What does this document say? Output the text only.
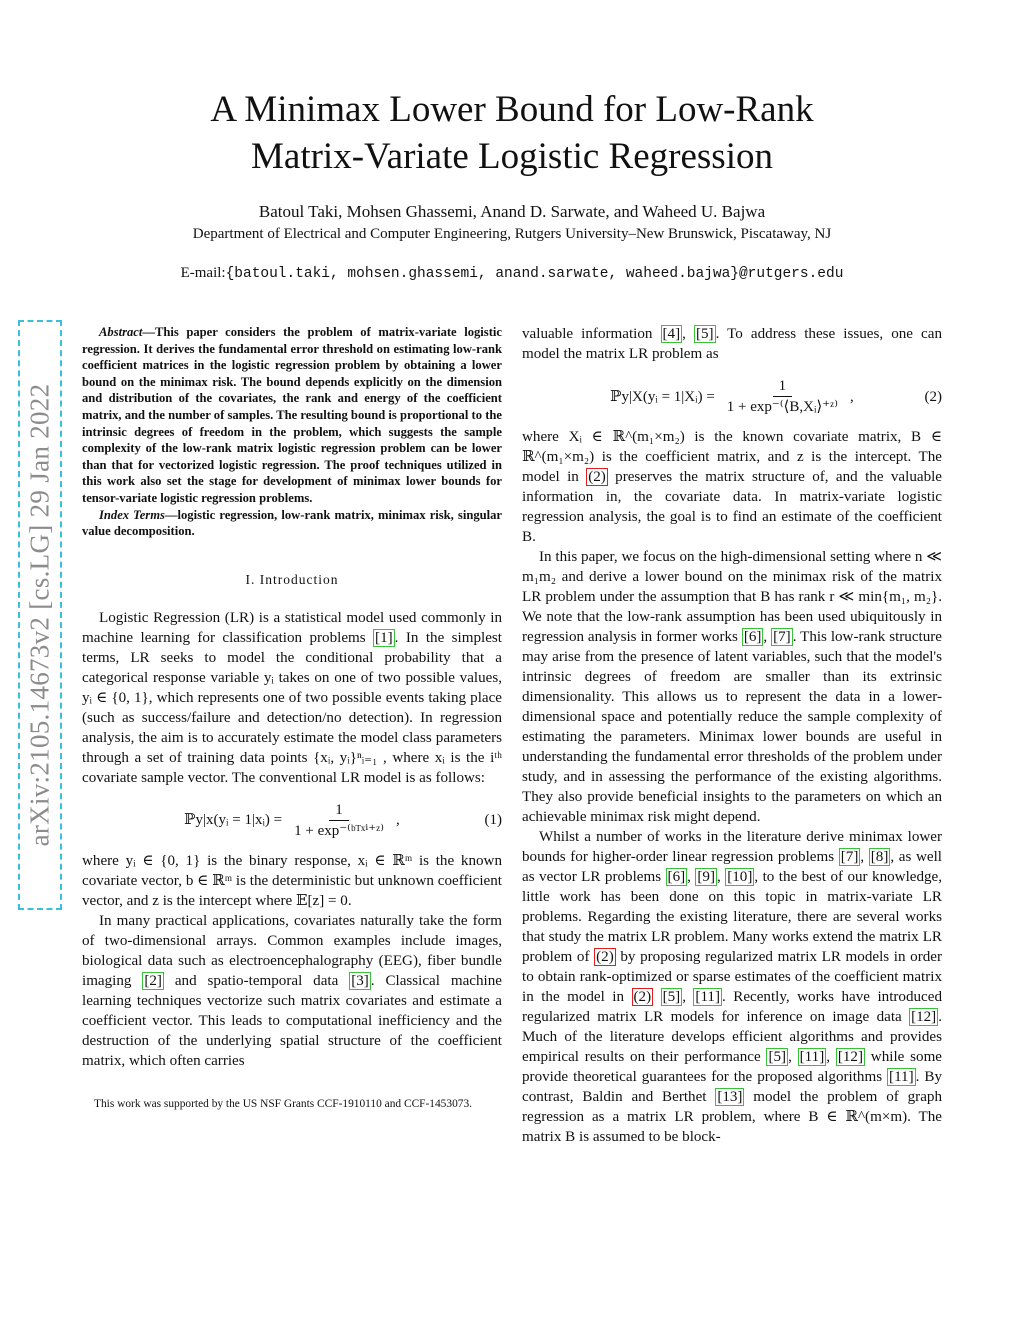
A Minimax Lower Bound for Low-Rank
Matrix-Variate Logistic Regression
Batoul Taki, Mohsen Ghassemi, Anand D. Sarwate, and Waheed U. Bajwa
Department of Electrical and Computer Engineering, Rutgers University–New Brunswick, Piscataway, NJ
E-mail:{batoul.taki, mohsen.ghassemi, anand.sarwate, waheed.bajwa}@rutgers.edu
arXiv:2105.14673v2 [cs.LG] 29 Jan 2022

Abstract—This paper considers the problem of matrix-variate logistic regression. It derives the fundamental error threshold on estimating low-rank coefficient matrices in the logistic regression problem by obtaining a lower bound on the minimax risk. The bound depends explicitly on the dimension and distribution of the covariates, the rank and energy of the coefficient matrix, and the number of samples. The resulting bound is proportional to the intrinsic degrees of freedom in the problem, which suggests the sample complexity of the low-rank matrix logistic regression problem can be lower than that for vectorized logistic regression. The proof techniques utilized in this work also set the stage for development of minimax lower bounds for tensor-variate logistic regression problems.

Index Terms—logistic regression, low-rank matrix, minimax risk, singular value decomposition.

I. Introduction

Logistic Regression (LR) is a statistical model used commonly in machine learning for classification problems [1] . In the simplest terms, LR seeks to model the conditional probability that a categorical response variable yᵢ takes on one of two possible values, yᵢ ∈ {0, 1}, which represents one of two possible events taking place (such as success/failure and detection/no detection). In regression analysis, the aim is to accurately estimate the model class parameters through a set of training data points {xᵢ, yᵢ}ⁿᵢ₌₁ , where xᵢ is the iᵗʰ covariate sample vector. The conventional LR model is as follows:

ℙy|x(yᵢ = 1|xᵢ) = $\frac{1}{\text{1 + exp⁻⁽ᵇᵀˣⁱ⁺ᶻ⁾}}$ ,	(1)

where yᵢ ∈ {0, 1} is the binary response, xᵢ ∈ ℝᵐ is the known covariate vector, b ∈ ℝᵐ is the deterministic but unknown coefficient vector, and z is the intercept where 𝔼[z] = 0.

In many practical applications, covariates naturally take the form of two-dimensional arrays. Common examples include images, biological data such as electroencephalography (EEG), fiber bundle imaging [2] and spatio-temporal data [3] . Classical machine learning techniques vectorize such matrix covariates and estimate a coefficient vector. This leads to computational inefficiency and the destruction of the underlying spatial structure of the coefficient matrix, which often carries

This work was supported by the US NSF Grants CCF-1910110 and CCF-1453073.

valuable information [4] , [5] . To address these issues, one can model the matrix LR problem as

ℙy|X(yᵢ = 1|Xᵢ) = $\frac{1}{\text{1 + exp⁻⁽⟨B,Xᵢ⟩⁺ᶻ⁾}}$ ,	(2)

where Xᵢ ∈ ℝ^(m₁×m₂) is the known covariate matrix, B ∈ ℝ^(m₁×m₂) is the coefficient matrix, and z is the intercept. The model in (2) preserves the matrix structure of, and the valuable information in, the covariate data. In matrix-variate logistic regression analysis, the goal is to find an estimate of the coefficient B.

In this paper, we focus on the high-dimensional setting where n ≪ m₁m₂ and derive a lower bound on the minimax risk of the matrix LR problem under the assumption that B has rank r ≪ min{m₁, m₂}. We note that the low-rank assumption has been used ubiquitously in regression analysis in former works [6] , [7] . This low-rank structure may arise from the presence of latent variables, such that the model's intrinsic degrees of freedom are smaller than its extrinsic dimensionality. This allows us to represent the data in a lower-dimensional space and potentially reduce the sample complexity of estimating the parameters. Minimax lower bounds are useful in understanding the fundamental error thresholds of the problem under study, and in assessing the performance of the existing algorithms. They also provide beneficial insights to the parameters on which an achievable minimax risk might depend.

Whilst a number of works in the literature derive minimax lower bounds for higher-order linear regression problems [7] , [8] , as well as vector LR problems [6] , [9] , [10] , to the best of our knowledge, little work has been done on this topic in matrix-variate LR problems. Regarding the existing literature, there are several works that study the matrix LR problem. Many works extend the matrix LR problem of (2) by proposing regularized matrix LR models in order to obtain rank-optimized or sparse estimates of the coefficient matrix in the model in (2) [5] , [11] . Recently, works have introduced regularized matrix LR models for inference on image data [12] . Much of the literature develops efficient algorithms and provides empirical results on their performance [5] , [11] , [12] while some provide theoretical guarantees for the proposed algorithms [11] . By contrast, Baldin and Berthet [13] model the problem of graph regression as a matrix LR problem, where B ∈ ℝ^(m×m). The matrix B is assumed to be block-
